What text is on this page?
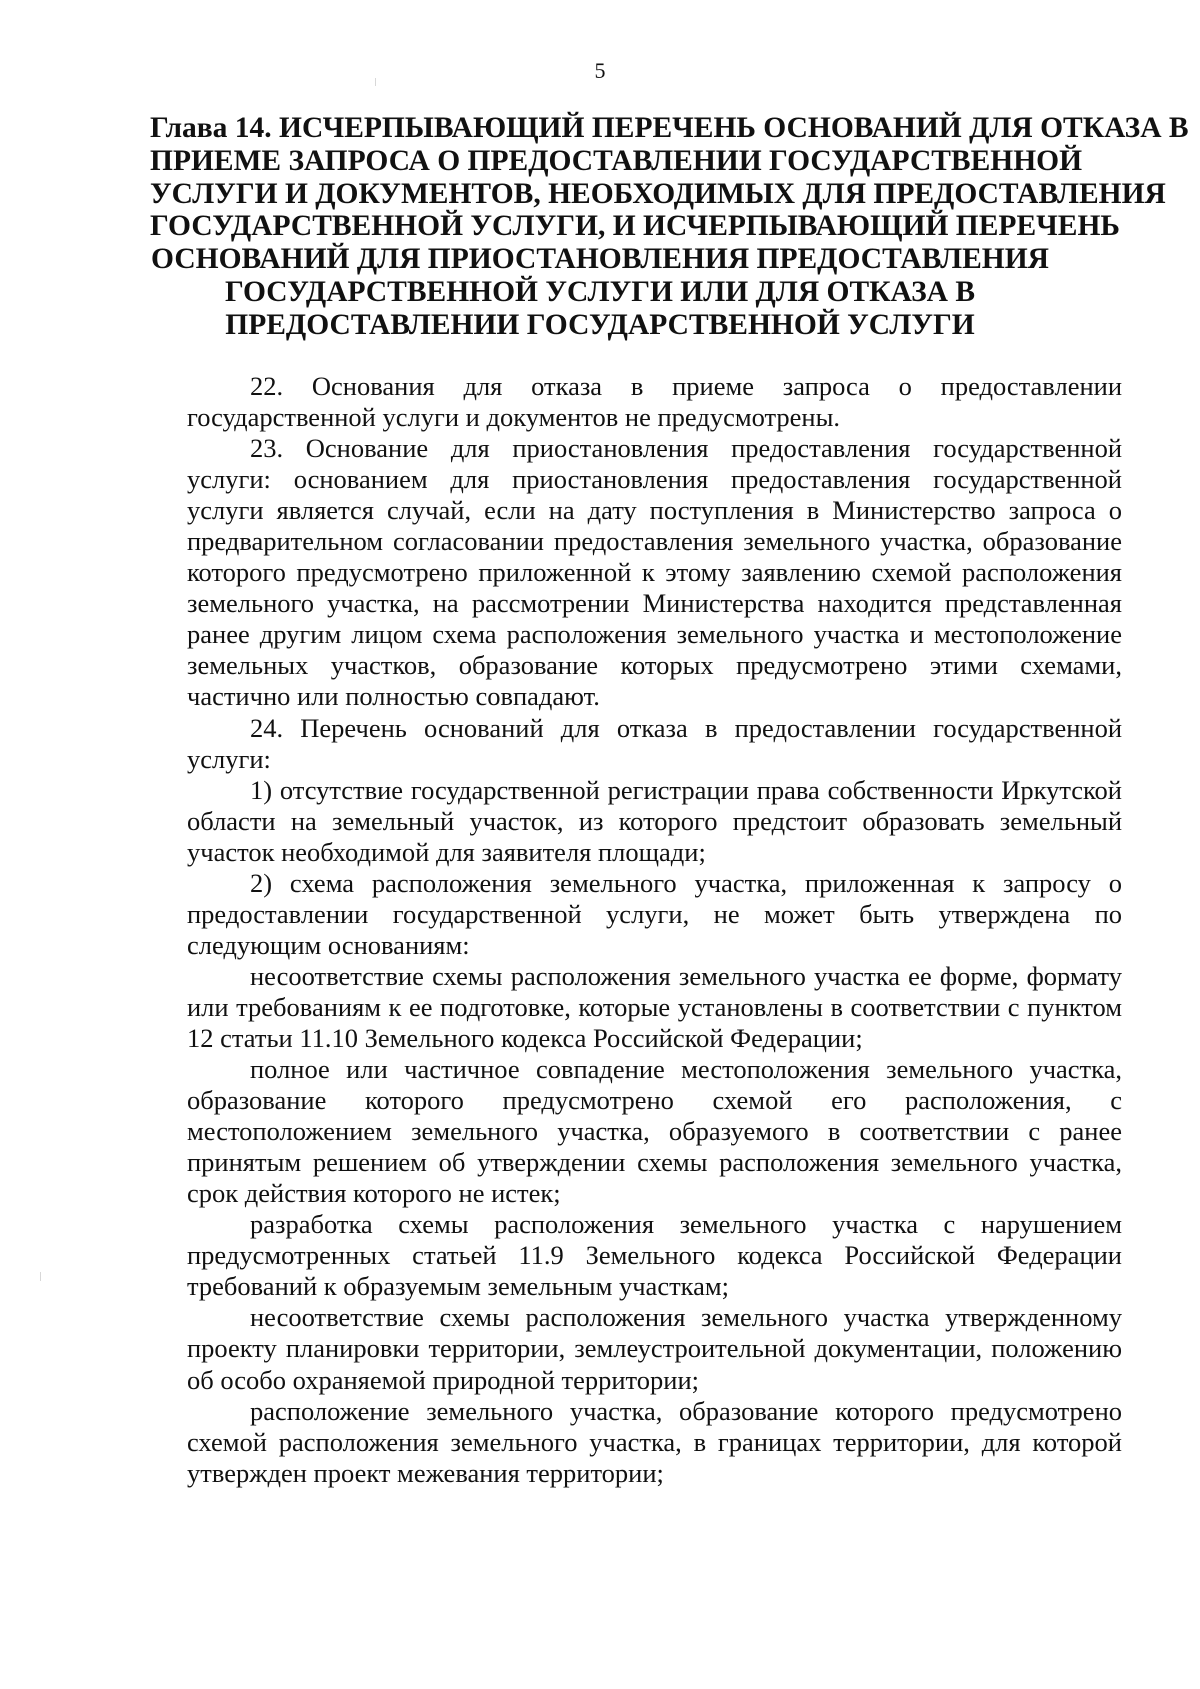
5
Глава 14. ИСЧЕРПЫВАЮЩИЙ ПЕРЕЧЕНЬ ОСНОВАНИЙ ДЛЯ ОТКАЗА В
ПРИЕМЕ ЗАПРОСА О ПРЕДОСТАВЛЕНИИ ГОСУДАРСТВЕННОЙ
УСЛУГИ И ДОКУМЕНТОВ, НЕОБХОДИМЫХ ДЛЯ ПРЕДОСТАВЛЕНИЯ
ГОСУДАРСТВЕННОЙ УСЛУГИ, И ИСЧЕРПЫВАЮЩИЙ ПЕРЕЧЕНЬ
ОСНОВАНИЙ ДЛЯ ПРИОСТАНОВЛЕНИЯ ПРЕДОСТАВЛЕНИЯ
ГОСУДАРСТВЕННОЙ УСЛУГИ ИЛИ ДЛЯ ОТКАЗА В
ПРЕДОСТАВЛЕНИИ ГОСУДАРСТВЕННОЙ УСЛУГИ

22. Основания для отказа в приеме запроса о предоставлении государственной услуги и документов не предусмотрены.

23. Основание для приостановления предоставления государственной услуги: основанием для приостановления предоставления государственной услуги является случай, если на дату поступления в Министерство запроса о предварительном согласовании предоставления земельного участка, образование которого предусмотрено приложенной к этому заявлению схемой расположения земельного участка, на рассмотрении Министерства находится представленная ранее другим лицом схема расположения земельного участка и местоположение земельных участков, образование которых предусмотрено этими схемами, частично или полностью совпадают.

24. Перечень оснований для отказа в предоставлении государственной услуги:

1) отсутствие государственной регистрации права собственности Иркутской области на земельный участок, из которого предстоит образовать земельный участок необходимой для заявителя площади;

2) схема расположения земельного участка, приложенная к запросу о предоставлении государственной услуги, не может быть утверждена по следующим основаниям:

несоответствие схемы расположения земельного участка ее форме, формату или требованиям к ее подготовке, которые установлены в соответствии с пунктом 12 статьи 11.10 Земельного кодекса Российской Федерации;

полное или частичное совпадение местоположения земельного участка, образование которого предусмотрено схемой его расположения, с местоположением земельного участка, образуемого в соответствии с ранее принятым решением об утверждении схемы расположения земельного участка, срок действия которого не истек;

разработка схемы расположения земельного участка с нарушением предусмотренных статьей 11.9 Земельного кодекса Российской Федерации требований к образуемым земельным участкам;

несоответствие схемы расположения земельного участка утвержденному проекту планировки территории, землеустроительной документации, положению об особо охраняемой природной территории;

расположение земельного участка, образование которого предусмотрено схемой расположения земельного участка, в границах территории, для которой утвержден проект межевания территории;
